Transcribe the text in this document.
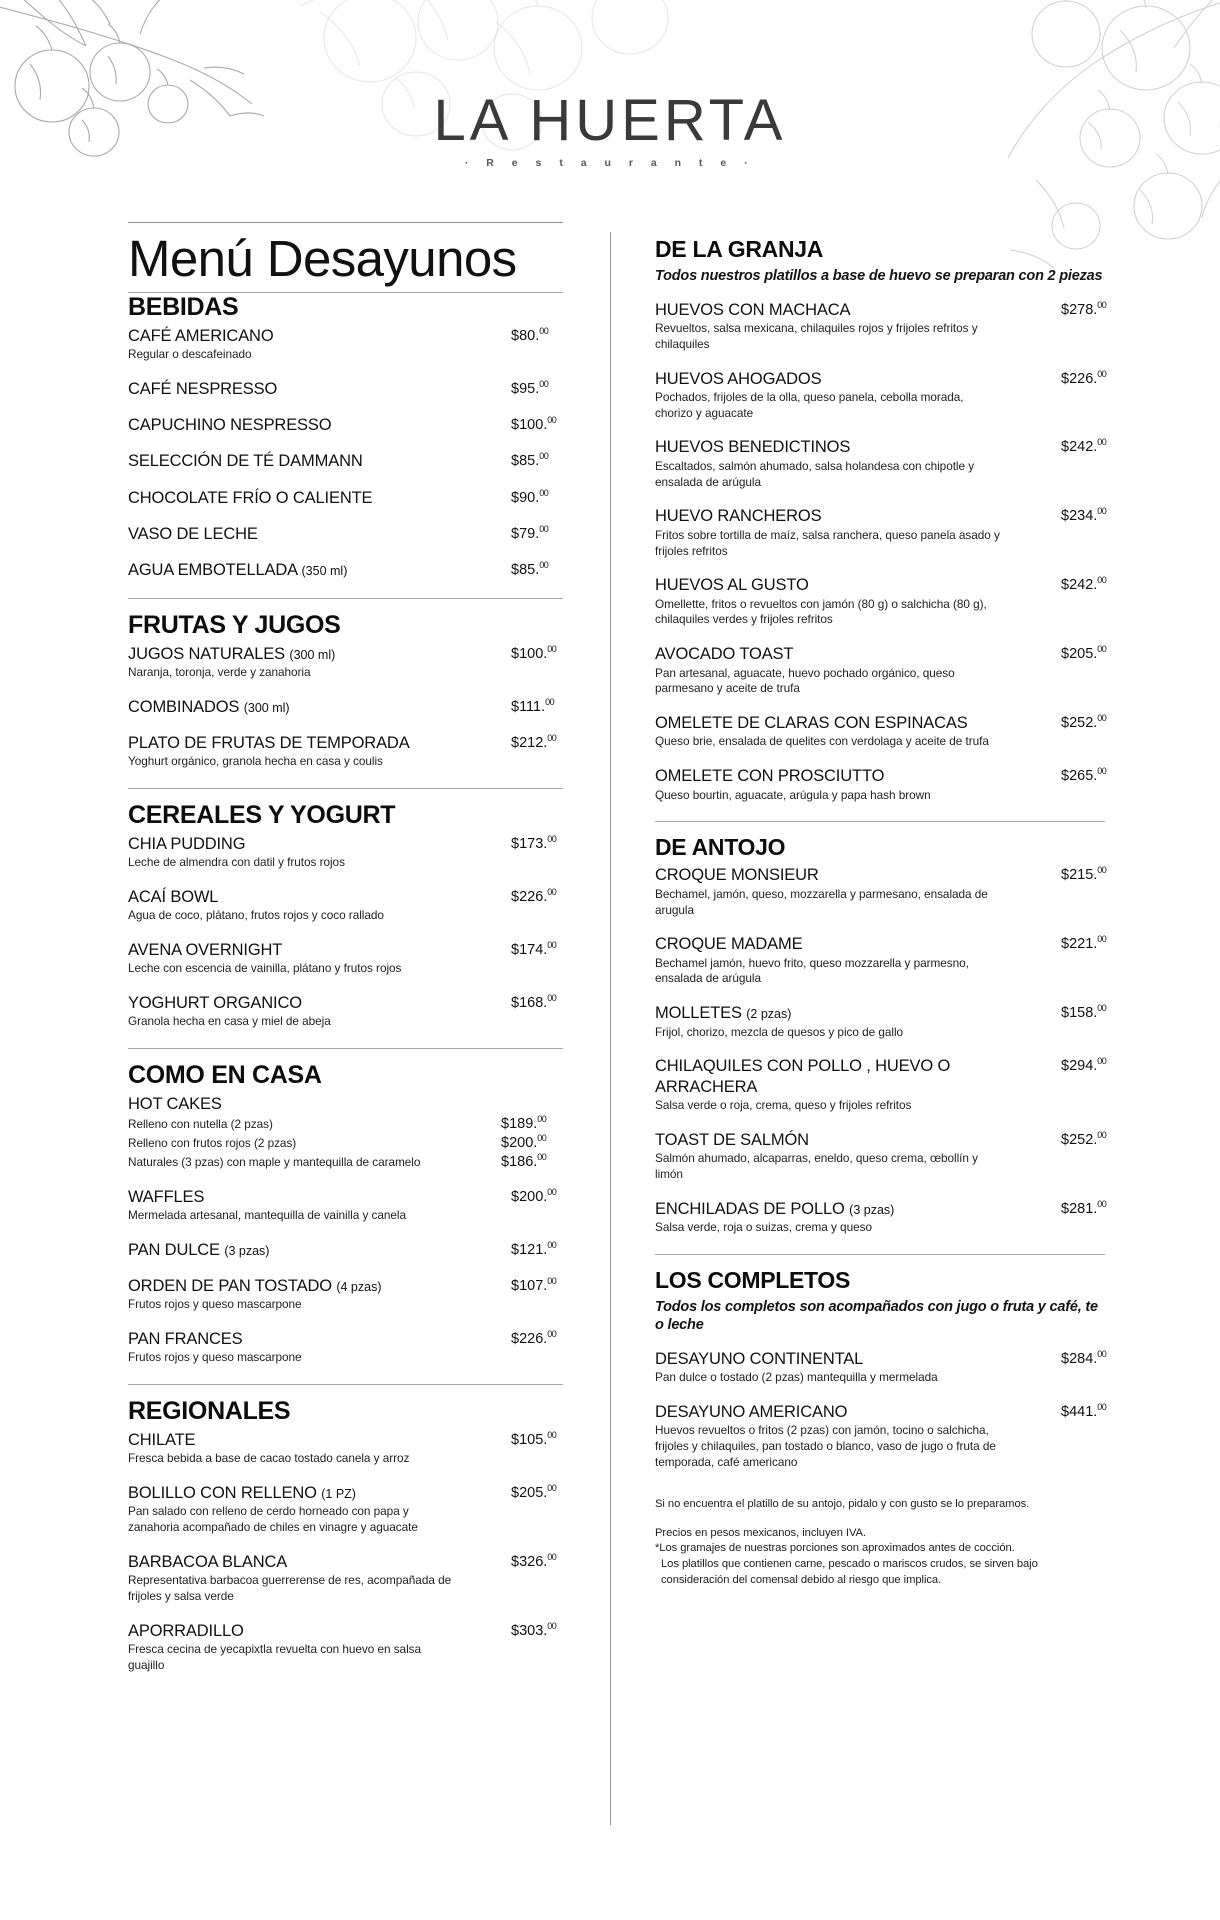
LA HUERTA
· R e s t a u r a n t e ·
Menú Desayunos
BEBIDAS
CAFÉ AMERICANO	$80.00
Regular o descafeinado
CAFÉ NESPRESSO	$95.00
CAPUCHINO NESPRESSO	$100.00
SELECCIÓN DE TÉ DAMMANN	$85.00
CHOCOLATE FRÍO O CALIENTE	$90.00
VASO DE LECHE	$79.00
AGUA EMBOTELLADA (350 ml)	$85.00
FRUTAS Y JUGOS
JUGOS NATURALES (300 ml)	$100.00
Naranja, toronja, verde y zanahoria
COMBINADOS (300 ml)	$111.00
PLATO DE FRUTAS DE TEMPORADA	$212.00
Yoghurt orgánico, granola hecha en casa y coulis
CEREALES Y YOGURT
CHIA PUDDING	$173.00
Leche de almendra con datil y frutos rojos
ACAÍ BOWL	$226.00
Agua de coco, plátano, frutos rojos y coco rallado
AVENA OVERNIGHT	$174.00
Leche con escencia de vainilla, plátano y frutos rojos
YOGHURT ORGANICO	$168.00
Granola hecha en casa y miel de abeja
COMO EN CASA
HOT CAKES
Relleno con nutella (2 pzas)	$189.00
Relleno con frutos rojos (2 pzas)	$200.00
Naturales (3 pzas) con maple y mantequilla de caramelo	$186.00
WAFFLES	$200.00
Mermelada artesanal, mantequilla de vainilla y canela
PAN DULCE (3 pzas)	$121.00
ORDEN DE PAN TOSTADO (4 pzas)	$107.00
Frutos rojos y queso mascarpone
PAN FRANCES	$226.00
Frutos rojos y queso mascarpone
REGIONALES
CHILATE	$105.00
Fresca bebida a base de cacao tostado canela y arroz
BOLILLO CON RELLENO (1 PZ)	$205.00
Pan salado con relleno de cerdo horneado con papa y zanahoria acompañado de chiles en vinagre y aguacate
BARBACOA BLANCA	$326.00
Representativa barbacoa guerrerense de res, acompañada de frijoles y salsa verde
APORRADILLO	$303.00
Fresca cecina de yecapixtla revuelta con huevo en salsa guajillo
DE LA GRANJA
Todos nuestros platillos a base de huevo se preparan con 2 piezas
HUEVOS CON MACHACA	$278.00
Revueltos, salsa mexicana, chilaquiles rojos y frijoles refritos y chilaquiles
HUEVOS AHOGADOS	$226.00
Pochados, frijoles de la olla, queso panela, cebolla morada, chorizo y aguacate
HUEVOS BENEDICTINOS	$242.00
Escaltados, salmón ahumado, salsa holandesa con chipotle y ensalada de arúgula
HUEVO RANCHEROS	$234.00
Fritos sobre tortilla de maíz, salsa ranchera, queso panela asado y frijoles refritos
HUEVOS AL GUSTO	$242.00
Omellette, fritos o revueltos con jamón (80 g) o salchicha (80 g), chilaquiles verdes y frijoles refritos
AVOCADO TOAST	$205.00
Pan artesanal, aguacate, huevo pochado orgánico, queso parmesano y aceite de trufa
OMELETE DE CLARAS CON ESPINACAS	$252.00
Queso brie, ensalada de quelites con verdolaga y aceite de trufa
OMELETE CON PROSCIUTTO	$265.00
Queso bourtin, aguacate, arúgula y papa hash brown
DE ANTOJO
CROQUE MONSIEUR	$215.00
Bechamel, jamón, queso, mozzarella y parmesano, ensalada de arugula
CROQUE MADAME	$221.00
Bechamel jamón, huevo frito, queso mozzarella y parmesno, ensalada de arúgula
MOLLETES (2 pzas)	$158.00
Frijol, chorizo, mezcla de quesos y pico de gallo
CHILAQUILES CON POLLO , HUEVO O ARRACHERA
$294.00
Salsa verde o roja, crema, queso y frijoles refritos
TOAST DE SALMÓN	$252.00
Salmón ahumado, alcaparras, eneldo, queso crema, œbollín y limón
ENCHILADAS DE POLLO (3 pzas)	$281.00
Salsa verde, roja o suizas, crema y queso
LOS COMPLETOS
Todos los completos son acompañados con jugo o fruta y café, te o leche
DESAYUNO CONTINENTAL	$284.00
Pan dulce o tostado (2 pzas) mantequilla y mermelada
DESAYUNO AMERICANO	$441.00
Huevos revueltos o fritos (2 pzas) con jamón, tocino o salchicha, frijoles y chilaquiles, pan tostado o blanco, vaso de jugo o fruta de temporada, café americano

Si no encuentra el platillo de su antojo, pidalo y con gusto se lo preparamos.

Precios en pesos mexicanos, incluyen IVA.

*Los gramajes de nuestras porciones son aproximados antes de cocción.

Los platillos que contienen carne, pescado o mariscos crudos, se sirven bajo

consideración del comensal debido al riesgo que implica.
